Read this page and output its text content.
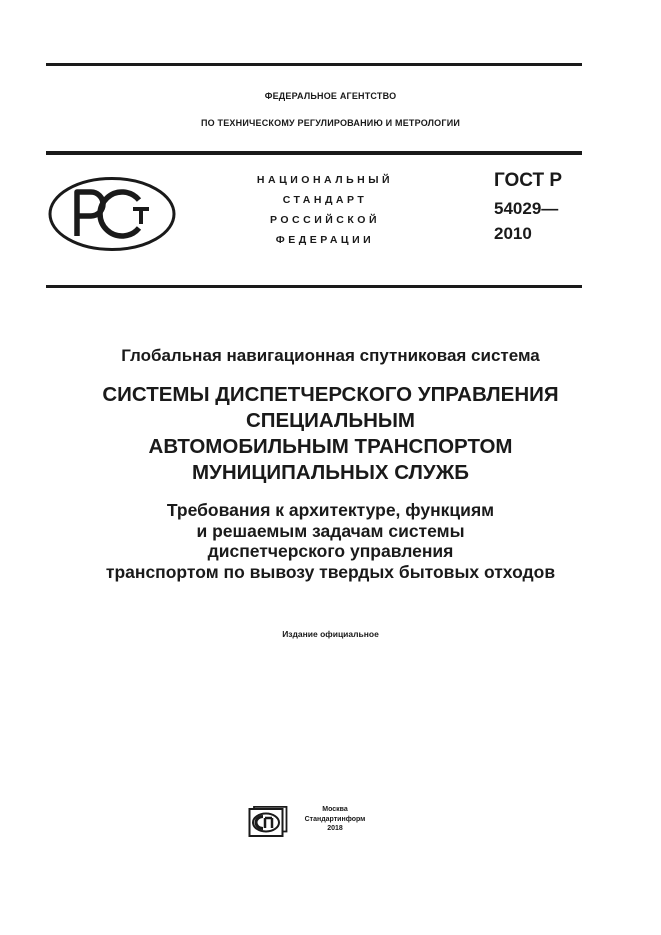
ФЕДЕРАЛЬНОЕ АГЕНТСТВО
ПО ТЕХНИЧЕСКОМУ РЕГУЛИРОВАНИЮ И МЕТРОЛОГИИ
НАЦИОНАЛЬНЫЙ
СТАНДАРТ
РОССИЙСКОЙ
ФЕДЕРАЦИИ
ГОСТ Р
54029—
2010
Глобальная навигационная спутниковая система
СИСТЕМЫ ДИСПЕТЧЕРСКОГО УПРАВЛЕНИЯ
СПЕЦИАЛЬНЫМ
АВТОМОБИЛЬНЫМ ТРАНСПОРТОМ
МУНИЦИПАЛЬНЫХ СЛУЖБ
Требования к архитектуре, функциям
и решаемым задачам системы
диспетчерского управления
транспортом по вывозу твердых бытовых отходов
Издание официальное
Москва
Стандартинформ
2018
